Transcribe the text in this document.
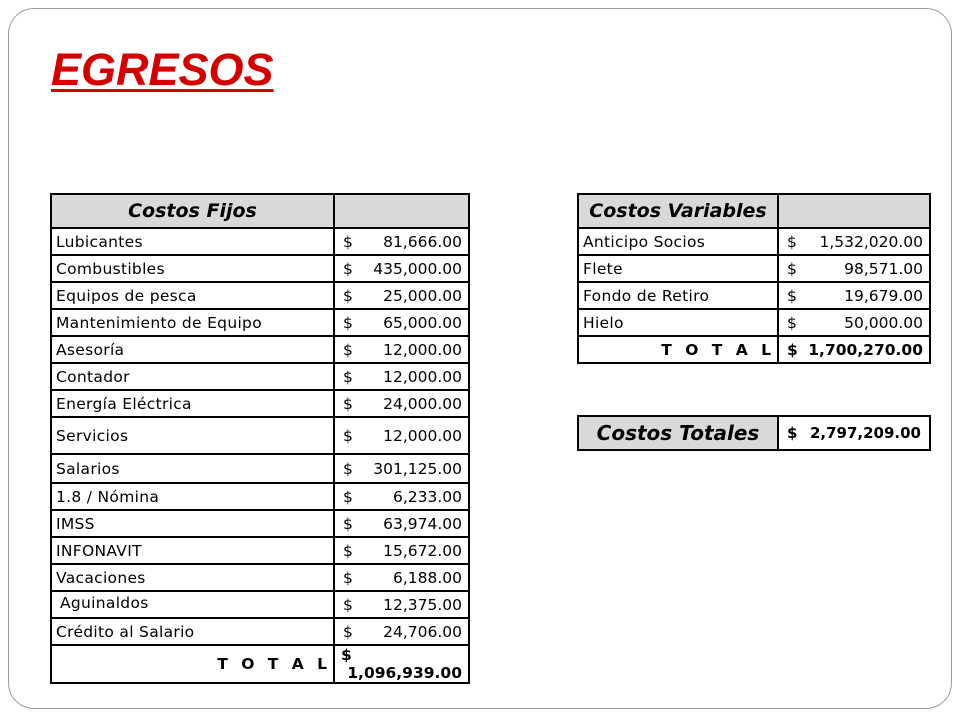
EGRESOS
Costos Fijos	
Lubicantes	$ 81,666.00

Combustibles	$ 435,000.00

Equipos de pesca	$ 25,000.00

Mantenimiento de Equipo	$ 65,000.00

Asesoría	$ 12,000.00

Contador	$ 12,000.00

Energía Eléctrica	$ 24,000.00

Servicios	$ 12,000.00

Salarios	$ 301,125.00

1.8 / Nómina	$ 6,233.00

IMSS	$ 63,974.00

INFONAVIT	$ 15,672.00

Vacaciones	$ 6,188.00

Aguinaldos	$ 12,375.00

Crédito al Salario	$ 24,706.00

T O T A L	$
1,096,939.00
Costos Variables	
Anticipo Socios	$ 1,532,020.00

Flete	$ 98,571.00

Fondo de Retiro	$ 19,679.00

Hielo	$ 50,000.00

T O T A L	$ 1,700,270.00
Costos Totales	$ 2,797,209.00
